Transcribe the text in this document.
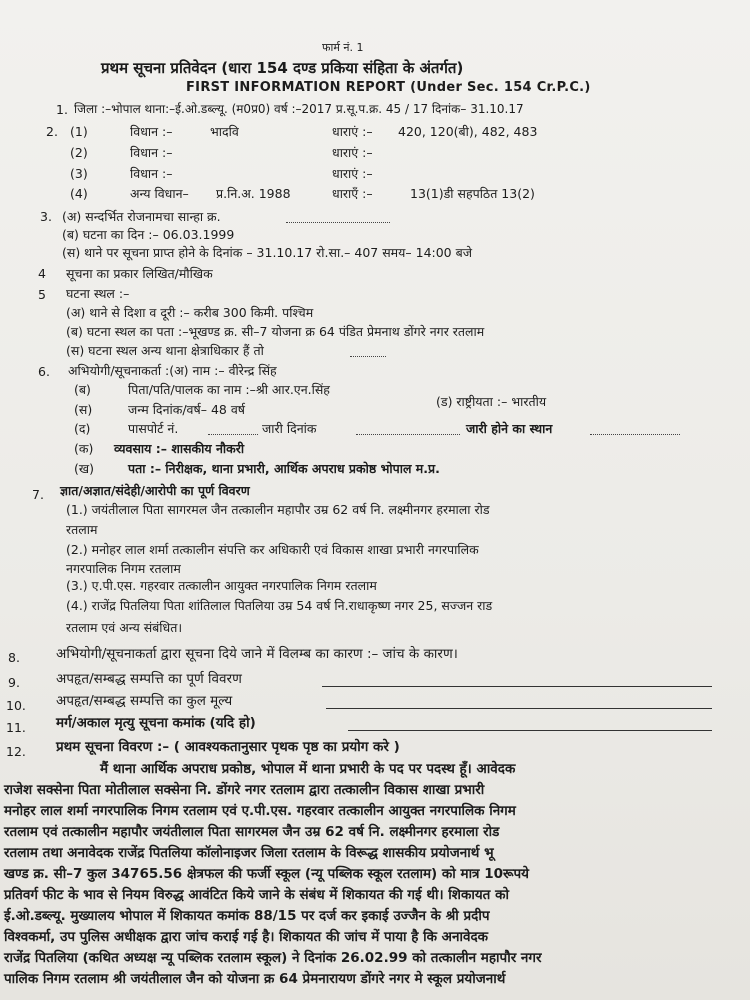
फार्म नं. 1
प्रथम सूचना प्रतिवेदन (धारा 154 दण्ड प्रकिया संहिता के अंतर्गत)
FIRST INFORMATION REPORT (Under Sec. 154 Cr.P.C.)
1. जिला :–भोपाल थाना:–ई.ओ.डब्ल्यू. (म0प्र0) वर्ष :–2017 प्र.सू.प.क्र. 45 / 17 दिनांक– 31.10.17
2. (1)	विधान :–	भादवि	धाराएं :– 420, 120(बी), 482, 483
(2)	विधान :–	धाराएं :–
(3)	विधान :–	धाराएं :–
(4)	अन्य विधान– प्र.नि.अ. 1988	धाराएँ :–	13(1)डी सहपठित 13(2)
3. (अ) सन्दर्भित रोजनामचा सान्हा क्र.
(ब) घटना का दिन :– 06.03.1999
(स) थाने पर सूचना प्राप्त होने के दिनांक – 31.10.17 रो.सा.– 407 समय– 14:00 बजे
4 सूचना का प्रकार लिखित/मौखिक
5 घटना स्थल :–
(अ) थाने से दिशा व दूरी :– करीब 300 किमी. पश्चिम
(ब) घटना स्थल का पता :–भूखण्ड क्र. सी–7 योजना क्र 64 पंडित प्रेमनाथ डोंगरे नगर रतलाम
(स) घटना स्थल अन्य थाना क्षेत्राधिकार हैं तो
6. अभियोगी/सूचनाकर्ता :(अ) नाम :– वीरेन्द्र सिंह
(ब)	पिता/पति/पालक का नाम :–श्री आर.एन.सिंह
(ड) राष्ट्रीयता :– भारतीय
(स)	जन्म दिनांक/वर्ष– 48 वर्ष
(द)	पासपोर्ट नं.	जारी दिनांक	जारी होने का स्थान
(क) व्यवसाय :– शासकीय नौकरी
(ख)	पता :– निरीक्षक, थाना प्रभारी, आर्थिक अपराध प्रकोष्ठ भोपाल म.प्र.
7. ज्ञात/अज्ञात/संदेही/आरोपी का पूर्ण विवरण
(1.) जयंतीलाल पिता सागरमल जैन तत्कालीन महापौर उम्र 62 वर्ष नि. लक्ष्मीनगर हरमाला रोड
रतलाम
(2.) मनोहर लाल शर्मा तत्कालीन संपत्ति कर अधिकारी एवं विकास शाखा प्रभारी नगरपालिक
नगरपालिक निगम रतलाम
(3.) ए.पी.एस. गहरवार तत्कालीन आयुक्त नगरपालिक निगम रतलाम
(4.) राजेंद्र पितलिया पिता शांतिलाल पितलिया उम्र 54 वर्ष नि.राधाकृष्ण नगर 25, सज्जन राड
रतलाम एवं अन्य संबंधित।
8.	अभियोगी/सूचनाकर्ता द्वारा सूचना दिये जाने में विलम्ब का कारण :– जांच के कारण।
9.	अपहृत/सम्बद्ध सम्पत्ति का पूर्ण विवरण
10. अपहृत/सम्बद्ध सम्पत्ति का कुल मूल्य
11. मर्ग/अकाल मृत्यु सूचना कमांक (यदि हो)
12. प्रथम सूचना विवरण :– ( आवश्यकतानुसार पृथक पृष्ठ का प्रयोग करे )
मैं थाना आर्थिक अपराध प्रकोष्ठ, भोपाल में थाना प्रभारी के पद पर पदस्थ हूँ। आवेदक
राजेश सक्सेना पिता मोतीलाल सक्सेना नि. डोंगरे नगर रतलाम द्वारा तत्कालीन विकास शाखा प्रभारी
मनोहर लाल शर्मा नगरपालिक निगम रतलाम एवं ए.पी.एस. गहरवार तत्कालीन आयुक्त नगरपालिक निगम
रतलाम एवं तत्कालीन महापौर जयंतीलाल पिता सागरमल जैन उम्र 62 वर्ष नि. लक्ष्मीनगर हरमाला रोड
रतलाम तथा अनावेदक राजेंद्र पितलिया कॉलोनाइजर जिला रतलाम के विरूद्ध शासकीय प्रयोजनार्थ भू
खण्ड क्र. सी–7 कुल 34765.56 क्षेत्रफल की फर्जी स्कूल (न्यू पब्लिक स्कूल रतलाम) को मात्र 10रूपये
प्रतिवर्ग फीट के भाव से नियम विरुद्ध आवंटित किये जाने के संबंध में शिकायत की गई थी। शिकायत को
ई.ओ.डब्ल्यू. मुख्यालय भोपाल में शिकायत कमांक 88/15 पर दर्ज कर इकाई उज्जैन के श्री प्रदीप
विश्वकर्मा, उप पुलिस अधीक्षक द्वारा जांच कराई गई है। शिकायत की जांच में पाया है कि अनावेदक
राजेंद्र पितलिया (कथित अध्यक्ष न्यू पब्लिक रतलाम स्कूल) ने दिनांक 26.02.99 को तत्कालीन महापौर नगर
पालिक निगम रतलाम श्री जयंतीलाल जैन को योजना क्र 64 प्रेमनारायण डोंगरे नगर मे स्कूल प्रयोजनार्थ
